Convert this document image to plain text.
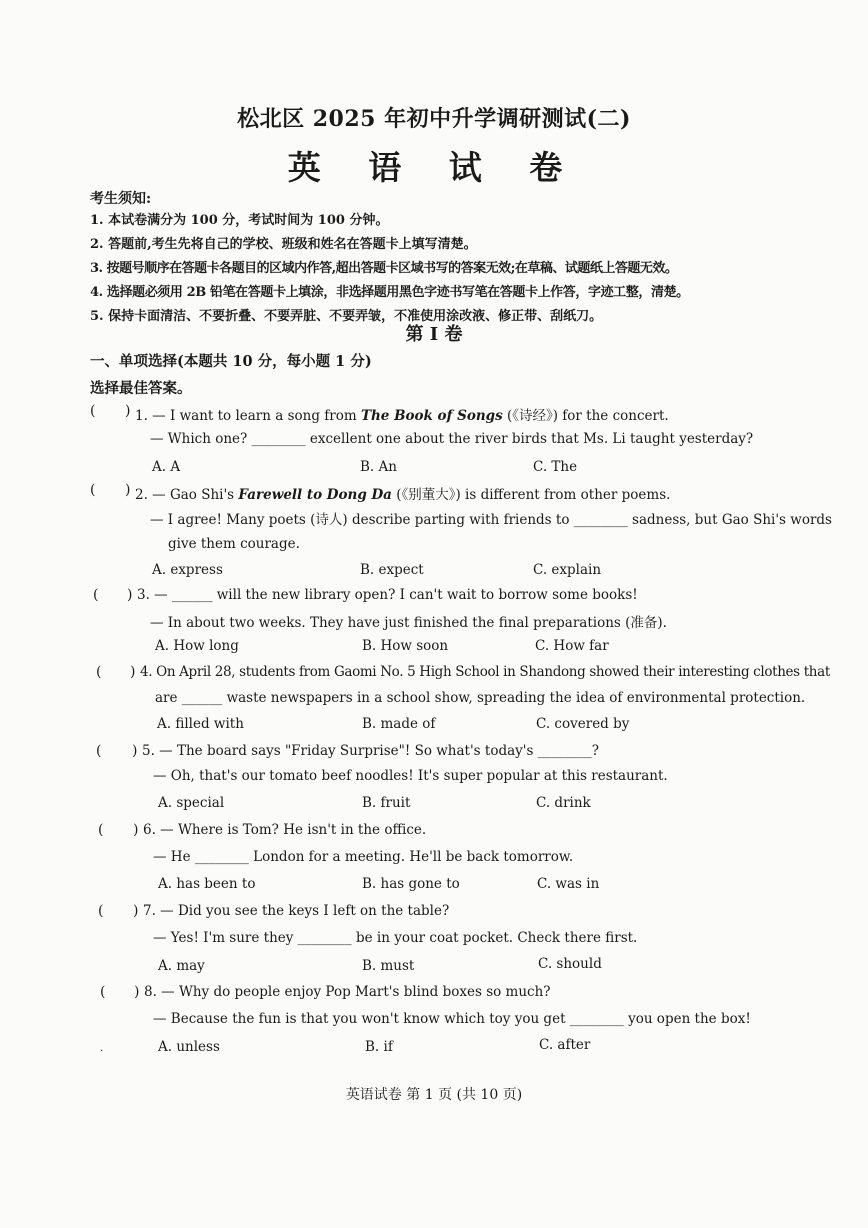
松北区 2025 年初中升学调研测试(二)
英 语 试 卷
考生须知:
1. 本试卷满分为 100 分，考试时间为 100 分钟。
2. 答题前,考生先将自己的学校、班级和姓名在答题卡上填写清楚。
3. 按题号顺序在答题卡各题目的区域内作答,超出答题卡区域书写的答案无效;在草稿、试题纸上答题无效。
4. 选择题必须用 2B 铅笔在答题卡上填涂，非选择题用黑色字迹书写笔在答题卡上作答，字迹工整，清楚。
5. 保持卡面清洁、不要折叠、不要弄脏、不要弄皱，不准使用涂改液、修正带、刮纸刀。
第 I 卷
一、单项选择(本题共 10 分，每小题 1 分)
选择最佳答案。
( ) 1. — I want to learn a song from The Book of Songs (《诗经》) for the concert.
— Which one? ________ excellent one about the river birds that Ms. Li taught yesterday?
A. A	B. An	C. The
( ) 2. — Gao Shi's Farewell to Dong Da (《别董大》) is different from other poems.
— I agree! Many poets (诗人) describe parting with friends to ________ sadness, but Gao Shi's words
give them courage.
A. express	B. expect	C. explain
( ) 3. — ______ will the new library open? I can't wait to borrow some books!
— In about two weeks. They have just finished the final preparations (准备).
A. How long	B. How soon	C. How far
( ) 4. On April 28, students from Gaomi No. 5 High School in Shandong showed their interesting clothes that
are ______ waste newspapers in a school show, spreading the idea of environmental protection.
A. filled with	B. made of	C. covered by
( ) 5. — The board says "Friday Surprise"! So what's today's ________?
— Oh, that's our tomato beef noodles! It's super popular at this restaurant.
A. special	B. fruit	C. drink
( ) 6. — Where is Tom? He isn't in the office.
— He ________ London for a meeting. He'll be back tomorrow.
A. has been to	B. has gone to	C. was in
( ) 7. — Did you see the keys I left on the table?
— Yes! I'm sure they ________ be in your coat pocket. Check there first.
A. may	B. must	C. should
( ) 8. — Why do people enjoy Pop Mart's blind boxes so much?
— Because the fun is that you won't know which toy you get ________ you open the box!
A. unless	B. if	C. after
·
英语试卷 第 1 页 (共 10 页)
